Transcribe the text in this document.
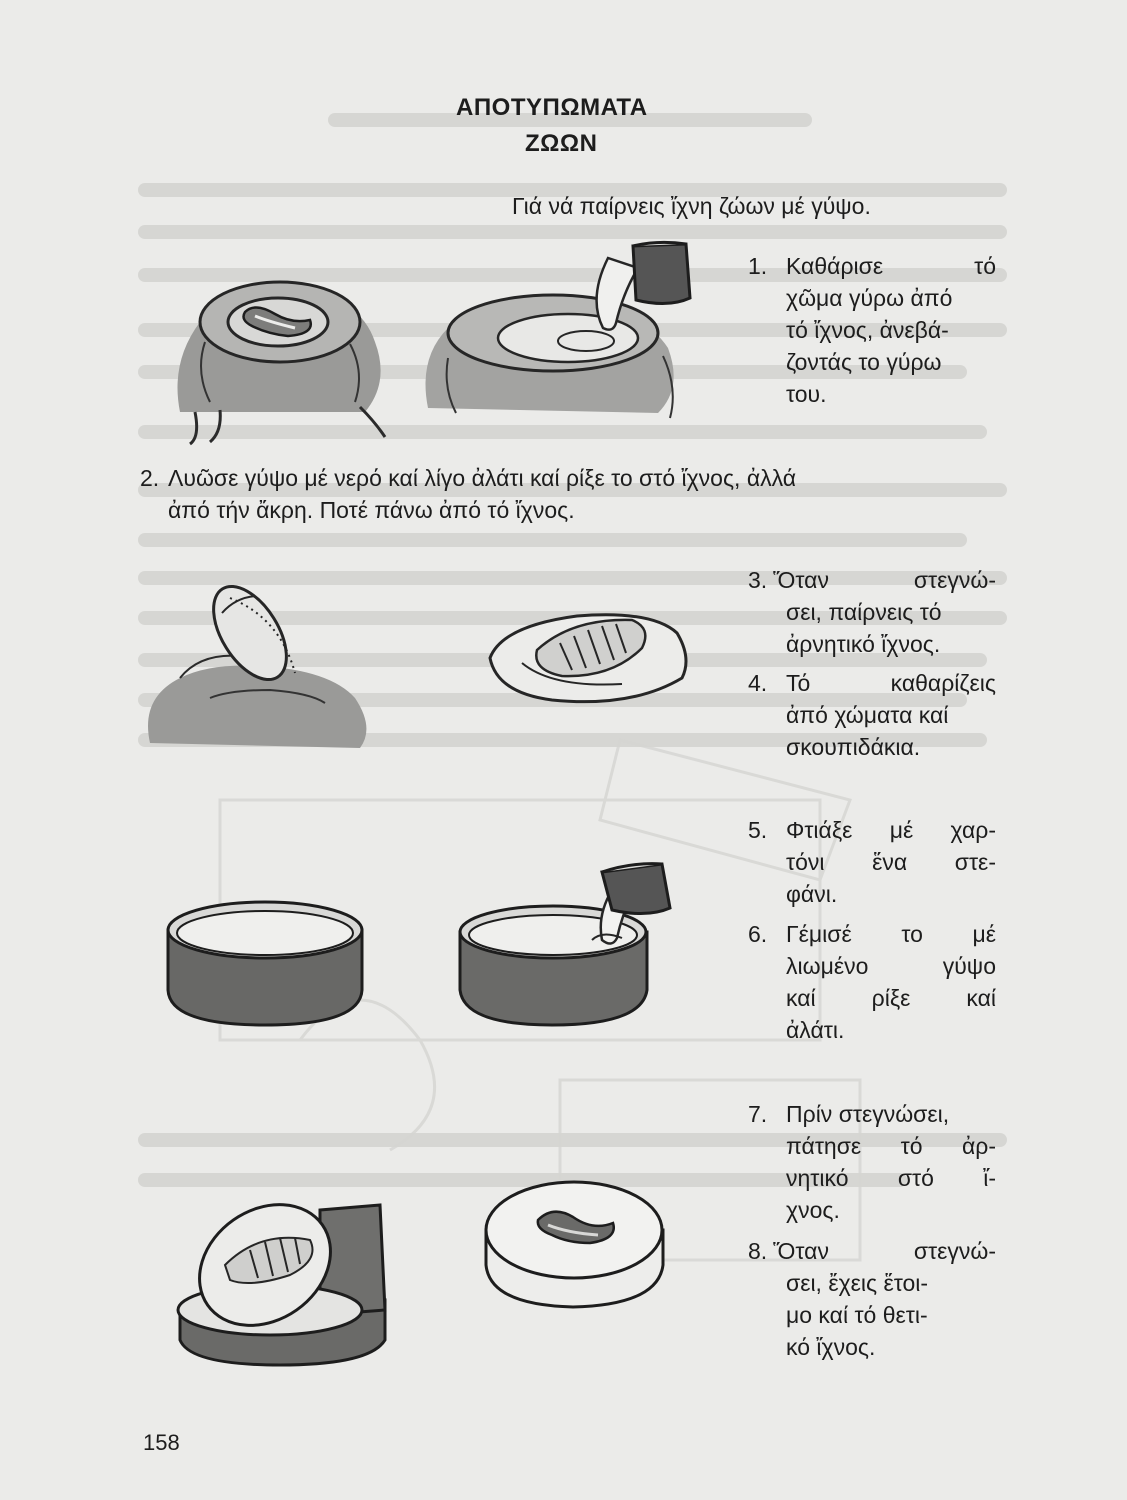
ΑΠΟΤΥΠΩΜΑΤΑ
ΖΩΩΝ

Γιά νά παίρνεις ἴχνη ζώων μέ γύψο.

1. Καθάρισε	τό
χῶμα γύρω ἀπό
τό ἴχνος, ἀνεβά-
ζοντάς το γύρω
του.
2. Λυῶσε γύψο μέ νερό καί λίγο ἀλάτι καί ρίξε το στό ἴχνος, ἀλλά
ἀπό τήν ἄκρη. Ποτέ πάνω ἀπό τό ἴχνος.
3. Ὅταν	στεγνώ-
σει, παίρνεις τό
ἀρνητικό ἴχνος.
4. Τό	καθαρίζεις
ἀπό χώματα καί
σκουπιδάκια.
5. Φτιάξε μέ χαρ-
τόνι ἕνα στε-
φάνι.
6. Γέμισέ το μέ
λιωμένο	γύψο
καί ρίξε καί
ἀλάτι.
7. Πρίν στεγνώσει,
πάτησε τό ἀρ-
νητικό στό ἴ-
χνος.
8. Ὅταν	στεγνώ-
σει, ἔχεις ἕτοι-
μο καί τό θετι-
κό ἴχνος.
158
